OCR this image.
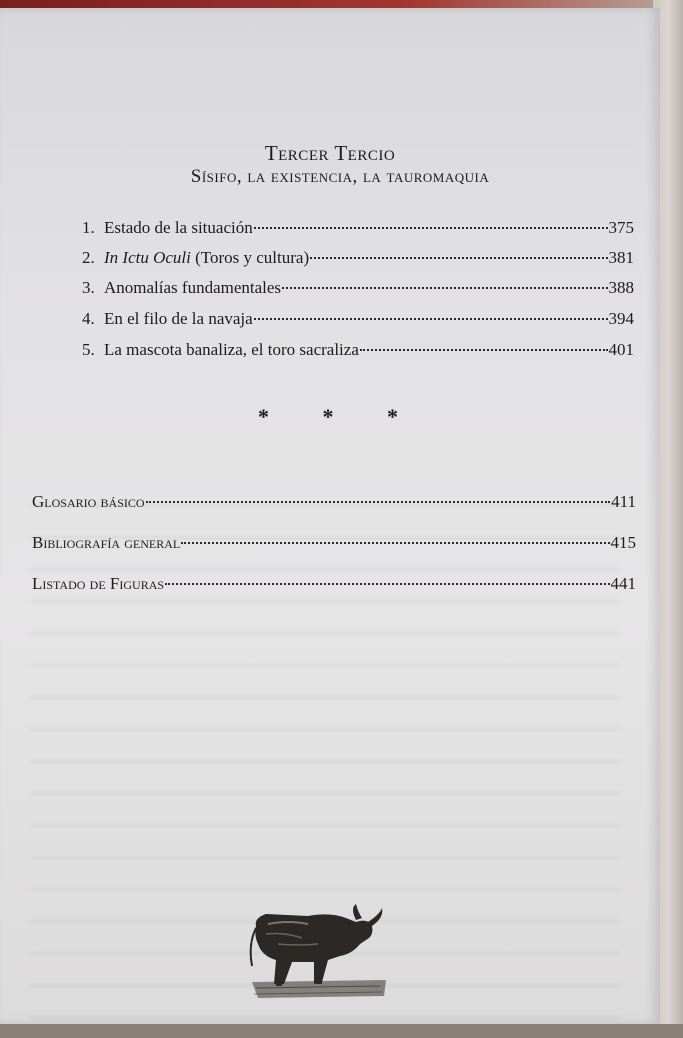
Tercer Tercio
Sísifo, la existencia, la tauromaquia
1. Estado de la situación	375
2. In Ictu Oculi (Toros y cultura)	381
3. Anomalías fundamentales	388
4. En el filo de la navaja	394
5. La mascota banaliza, el toro sacraliza	401
* * *
Glosario básico	411
Bibliografía general	415
Listado de Figuras	441
